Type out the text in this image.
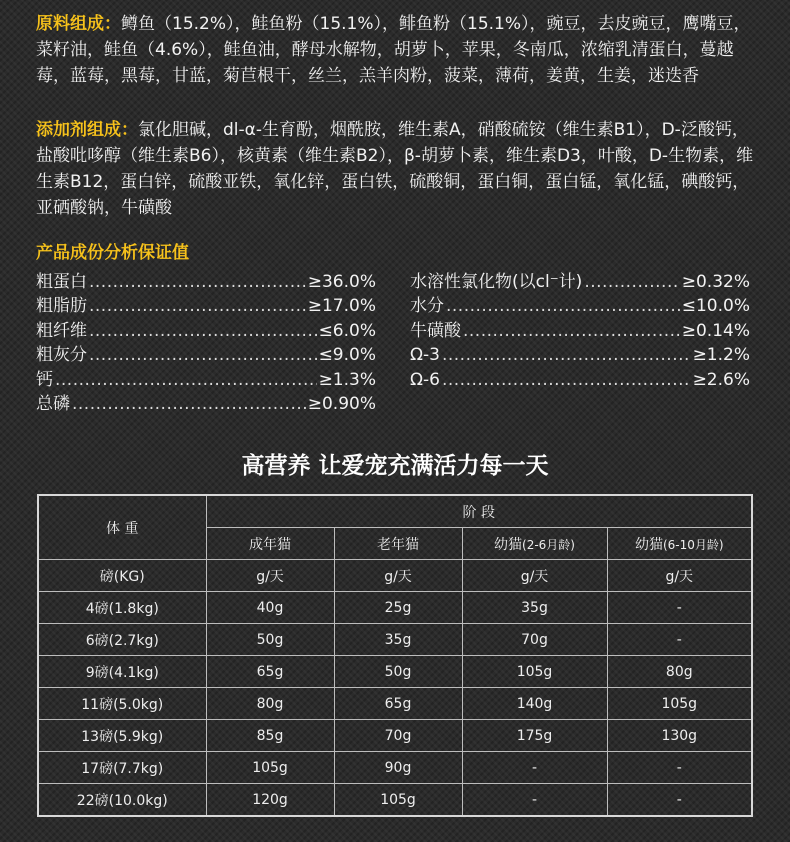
原料组成：鳟鱼（15.2%），鲑鱼粉（15.1%），鲱鱼粉（15.1%），豌豆，去皮豌豆，鹰嘴豆，菜籽油，鲑鱼（4.6%），鲑鱼油，酵母水解物，胡萝卜，苹果，冬南瓜，浓缩乳清蛋白，蔓越莓，蓝莓，黑莓，甘蓝，菊苣根干，丝兰，羔羊肉粉，菠菜，薄荷，姜黄，生姜，迷迭香
添加剂组成：氯化胆碱，dl-α-生育酚，烟酰胺，维生素A，硝酸硫铵（维生素B1），D-泛酸钙，盐酸吡哆醇（维生素B6），核黄素（维生素B2），β-胡萝卜素，维生素D3，叶酸，D-生物素，维生素B12，蛋白锌，硫酸亚铁，氧化锌，蛋白铁，硫酸铜，蛋白铜，蛋白锰，氧化锰，碘酸钙，亚硒酸钠，牛磺酸
产品成份分析保证值
粗蛋白 .....	≥36.0%
粗脂肪 .....	≥17.0%
粗纤维 .....	≤6.0%
粗灰分 .....	≤9.0%
钙 .....	≥1.3%
总磷 .....	≥0.90%
水溶性氯化物(以cl⁻计) .....	≥0.32%
水分 .....	≤10.0%
牛磺酸 .....	≥0.14%
Ω-3 .....	≥1.2%
Ω-6 .....	≥2.6%
高营养 让爱宠充满活力每一天
体 重	阶 段			
	成年猫	老年猫	幼猫(2-6月龄)	幼猫(6-10月龄)
磅(KG)	g/天	g/天	g/天	g/天
4磅(1.8kg)	40g	25g	35g	-
6磅(2.7kg)	50g	35g	70g	-
9磅(4.1kg)	65g	50g	105g	80g
11磅(5.0kg)	80g	65g	140g	105g
13磅(5.9kg)	85g	70g	175g	130g
17磅(7.7kg)	105g	90g	-	-
22磅(10.0kg)	120g	105g	-	-
